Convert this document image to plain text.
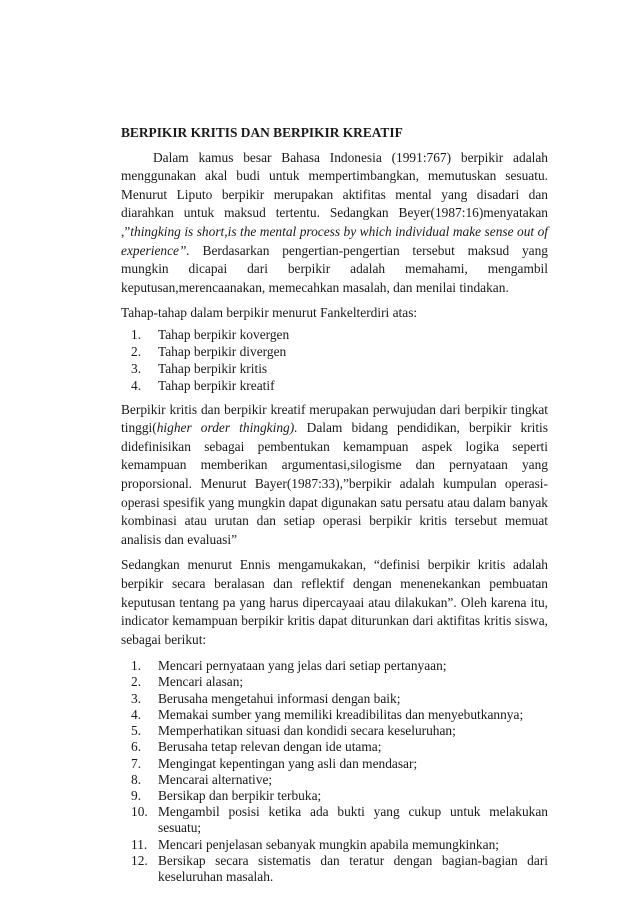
BERPIKIR KRITIS DAN BERPIKIR KREATIF

Dalam kamus besar Bahasa Indonesia (1991:767) berpikir adalah menggunakan akal budi untuk mempertimbangkan, memutuskan sesuatu. Menurut Liputo berpikir merupakan aktifitas mental yang disadari dan diarahkan untuk maksud tertentu. Sedangkan Beyer(1987:16)menyatakan ,”thingking is short,is the mental process by which individual make sense out of experience”. Berdasarkan pengertian-pengertian tersebut maksud yang mungkin dicapai dari berpikir adalah memahami, mengambil keputusan,merencaanakan, memecahkan masalah, dan menilai tindakan.

Tahap-tahap dalam berpikir menurut Fankelterdiri atas:

1.	Tahap berpikir kovergen
2.	Tahap berpikir divergen
3.	Tahap berpikir kritis
4.	Tahap berpikir kreatif

Berpikir kritis dan berpikir kreatif merupakan perwujudan dari berpikir tingkat tinggi(higher order thingking). Dalam bidang pendidikan, berpikir kritis didefinisikan sebagai pembentukan kemampuan aspek logika seperti kemampuan memberikan argumentasi,silogisme dan pernyataan yang proporsional. Menurut Bayer(1987:33),”berpikir adalah kumpulan operasi-operasi spesifik yang mungkin dapat digunakan satu persatu atau dalam banyak kombinasi atau urutan dan setiap operasi berpikir kritis tersebut memuat analisis dan evaluasi”

Sedangkan menurut Ennis mengamukakan, “definisi berpikir kritis adalah berpikir secara beralasan dan reflektif dengan menenekankan pembuatan keputusan tentang pa yang harus dipercayaai atau dilakukan”. Oleh karena itu, indicator kemampuan berpikir kritis dapat diturunkan dari aktifitas kritis siswa, sebagai berikut:

1.	Mencari pernyataan yang jelas dari setiap pertanyaan;
2.	Mencari alasan;
3.	Berusaha mengetahui informasi dengan baik;
4.	Memakai sumber yang memiliki kreadibilitas dan menyebutkannya;
5.	Memperhatikan situasi dan kondidi secara keseluruhan;
6.	Berusaha tetap relevan dengan ide utama;
7.	Mengingat kepentingan yang asli dan mendasar;
8.	Mencarai alternative;
9.	Bersikap dan berpikir terbuka;
10. Mengambil posisi ketika ada bukti yang cukup untuk melakukan sesuatu;
11. Mencari penjelasan sebanyak mungkin apabila memungkinkan;
12. Bersikap secara sistematis dan teratur dengan bagian-bagian dari keseluruhan masalah.
